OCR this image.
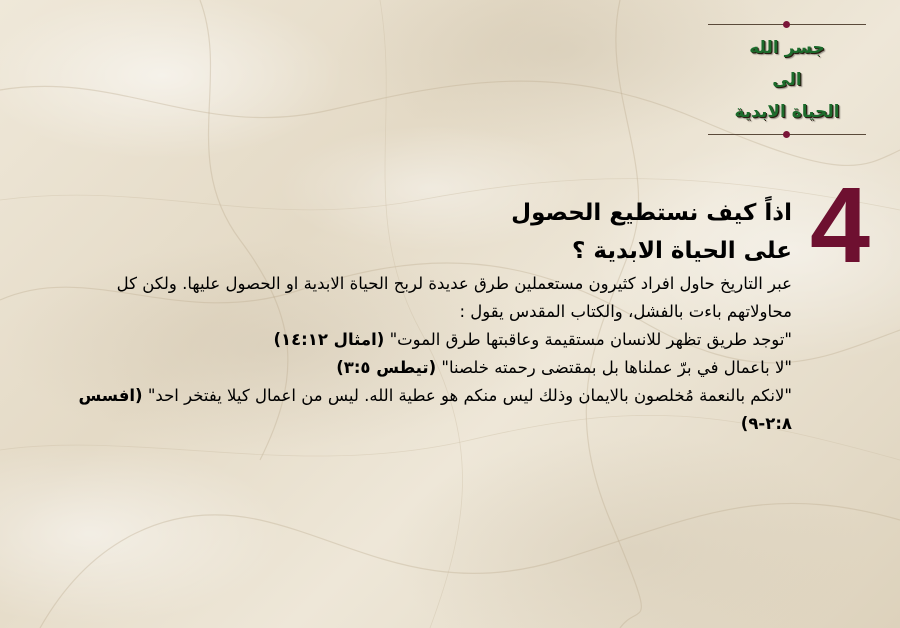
جسر الله
الى
الحياة الابدية
4
اذاً كيف نستطيع الحصول
على الحياة الابدية ؟

عبر التاريخ حاول افراد كثيرون مستعملين طرق عديدة لربح الحياة الابدية او الحصول عليها. ولكن كل محاولاتهم باءت بالفشل، والكتاب المقدس يقول :

"توجد طريق تظهر للانسان مستقيمة وعاقبتها طرق الموت" (امثال ١٤:١٢)

"لا باعمال في برّ عملناها بل بمقتضى رحمته خلصنا" (تيطس ٣:٥)

"لانكم بالنعمة مُخلصون بالايمان وذلك ليس منكم هو عطية الله. ليس من اعمال كيلا يفتخر احد" (افسس ٢:٨-٩)
